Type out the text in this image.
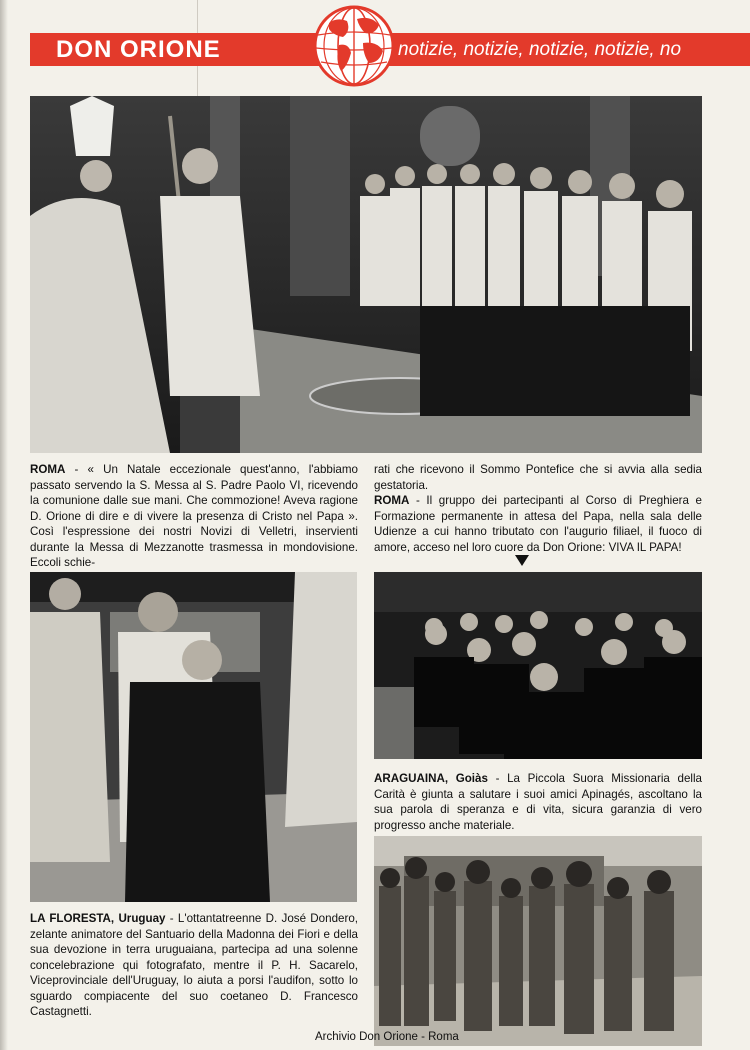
DON ORIONE	notizie, notizie, notizie, notizie, no

ROMA - « Un Natale eccezionale quest'anno, l'abbiamo passato servendo la S. Messa al S. Padre Paolo VI, ricevendo la comunione dalle sue mani. Che commozione! Aveva ragione D. Orione di dire e di vivere la presenza di Cristo nel Papa ». Così l'espressione dei nostri Novizi di Velletri, inservienti durante la Messa di Mezzanotte trasmessa in mondovisione. Eccoli schie-

rati che ricevono il Sommo Pontefice che si avvia alla sedia gestatoria.

ROMA - Il gruppo dei partecipanti al Corso di Preghiera e Formazione permanente in attesa del Papa, nella sala delle Udienze a cui hanno tributato con l'augurio filiael, il fuoco di amore, acceso nel loro cuore da Don Orione: VIVA IL PAPA!

ARAGUAINA, Goiàs - La Piccola Suora Missionaria della Carità è giunta a salutare i suoi amici Apinagés, ascoltano la sua parola di speranza e di vita, sicura garanzia di vero progresso anche materiale.

LA FLORESTA, Uruguay - L'ottantatreenne D. José Dondero, zelante animatore del Santuario della Madonna dei Fiori e della sua devozione in terra uruguaiana, partecipa ad una solenne concelebrazione qui fotografato, mentre il P. H. Sacarelo, Viceprovinciale dell'Uruguay, lo aiuta a porsi l'audifon, sotto lo sguardo compiacente del suo coetaneo D. Francesco Castagnetti.

Archivio Don Orione - Roma
